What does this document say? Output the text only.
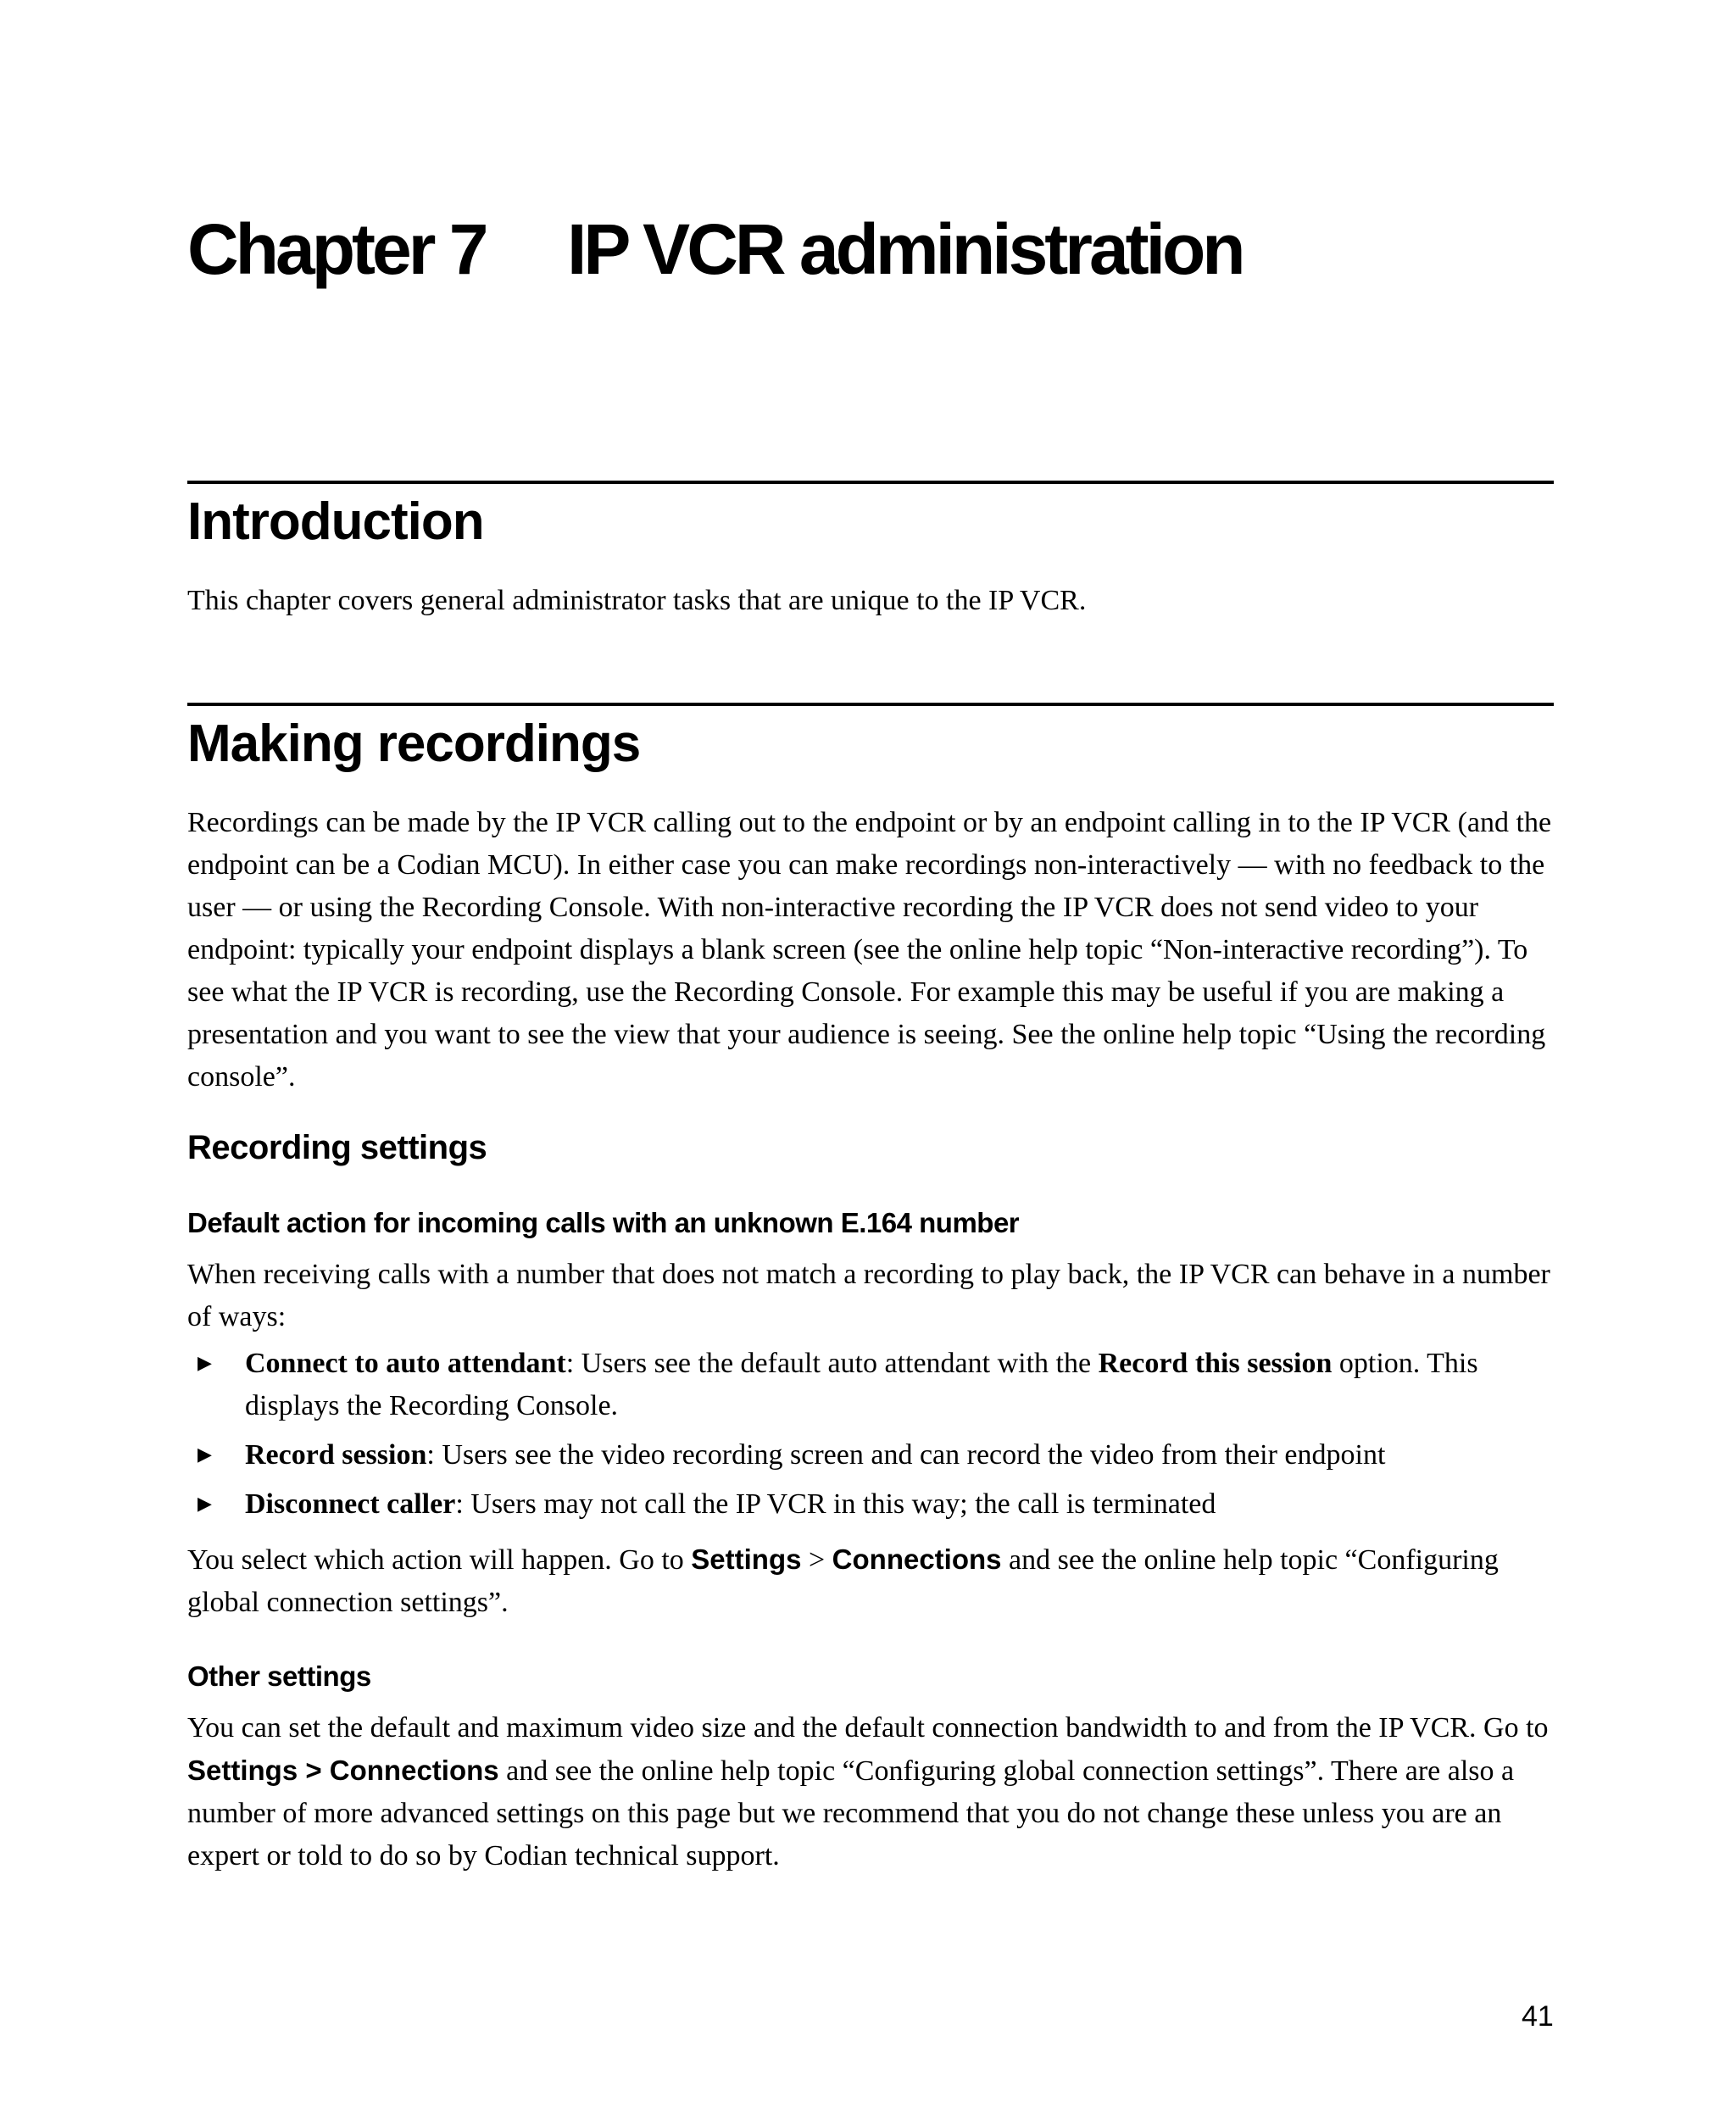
Chapter 7 IP VCR administration
Introduction

This chapter covers general administrator tasks that are unique to the IP VCR.

Making recordings

Recordings can be made by the IP VCR calling out to the endpoint or by an endpoint calling in to the IP VCR (and the endpoint can be a Codian MCU). In either case you can make recordings non-interactively — with no feedback to the user — or using the Recording Console. With non-interactive recording the IP VCR does not send video to your endpoint: typically your endpoint displays a blank screen (see the online help topic “Non-interactive recording”). To see what the IP VCR is recording, use the Recording Console. For example this may be useful if you are making a presentation and you want to see the view that your audience is seeing. See the online help topic “Using the recording console”.

Recording settings
Default action for incoming calls with an unknown E.164 number

When receiving calls with a number that does not match a recording to play back, the IP VCR can behave in a number of ways:

▶ Connect to auto attendant: Users see the default auto attendant with the Record this session option. This displays the Recording Console.
▶ Record session: Users see the video recording screen and can record the video from their endpoint
▶ Disconnect caller: Users may not call the IP VCR in this way; the call is terminated

You select which action will happen. Go to Settings > Connections and see the online help topic “Configuring global connection settings”.

Other settings

You can set the default and maximum video size and the default connection bandwidth to and from the IP VCR. Go to Settings > Connections and see the online help topic “Configuring global connection settings”. There are also a number of more advanced settings on this page but we recommend that you do not change these unless you are an expert or told to do so by Codian technical support.

41
